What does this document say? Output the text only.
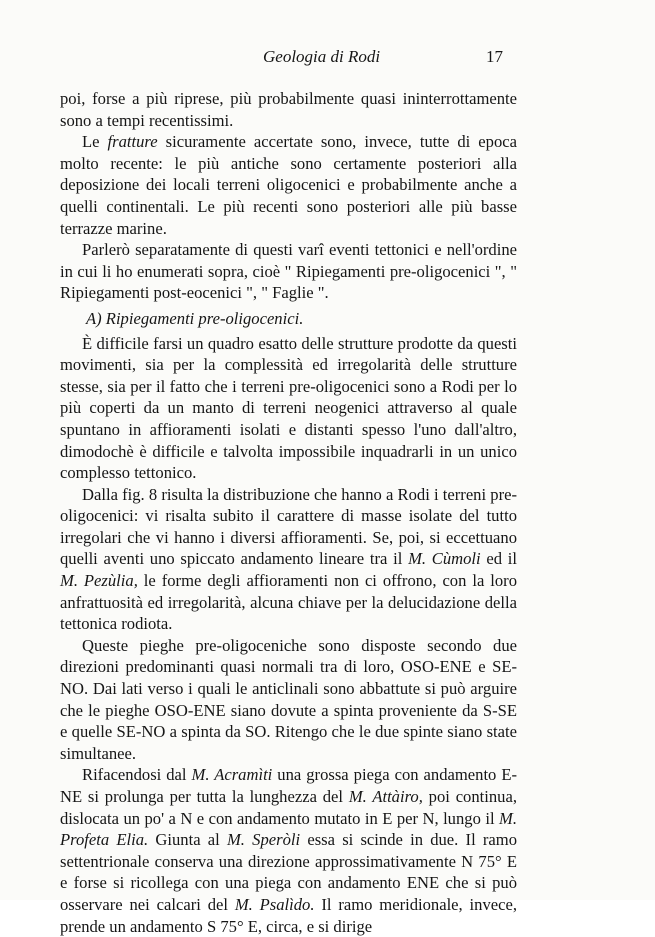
Geologia di Rodi	17

poi, forse a più riprese, più probabilmente quasi ininterrottamente sono a tempi recentissimi.

Le fratture sicuramente accertate sono, invece, tutte di epoca molto recente: le più antiche sono certamente posteriori alla deposizione dei locali terreni oligocenici e probabilmente anche a quelli continentali. Le più recenti sono posteriori alle più basse terrazze marine.

Parlerò separatamente di questi varî eventi tettonici e nell'ordine in cui li ho enumerati sopra, cioè " Ripiegamenti pre-oligocenici ", " Ripiegamenti post-eocenici ", " Faglie ".

A) Ripiegamenti pre-oligocenici.

È difficile farsi un quadro esatto delle strutture prodotte da questi movimenti, sia per la complessità ed irregolarità delle strutture stesse, sia per il fatto che i terreni pre-oligocenici sono a Rodi per lo più coperti da un manto di terreni neogenici attraverso al quale spuntano in affioramenti isolati e distanti spesso l'uno dall'altro, dimodochè è difficile e talvolta impossibile inquadrarli in un unico complesso tettonico.

Dalla fig. 8 risulta la distribuzione che hanno a Rodi i terreni pre-oligocenici: vi risalta subito il carattere di masse isolate del tutto irregolari che vi hanno i diversi affioramenti. Se, poi, si eccettuano quelli aventi uno spiccato andamento lineare tra il M. Cùmoli ed il M. Pezùlia, le forme degli affioramenti non ci offrono, con la loro anfrattuosità ed irregolarità, alcuna chiave per la delucidazione della tettonica rodiota.

Queste pieghe pre-oligoceniche sono disposte secondo due direzioni predominanti quasi normali tra di loro, OSO-ENE e SE-NO. Dai lati verso i quali le anticlinali sono abbattute si può arguire che le pieghe OSO-ENE siano dovute a spinta proveniente da S-SE e quelle SE-NO a spinta da SO. Ritengo che le due spinte siano state simultanee.

Rifacendosi dal M. Acramìti una grossa piega con andamento E-NE si prolunga per tutta la lunghezza del M. Attàiro, poi continua, dislocata un po' a N e con andamento mutato in E per N, lungo il M. Profeta Elia. Giunta al M. Speròli essa si scinde in due. Il ramo settentrionale conserva una direzione approssimativamente N 75° E e forse si ricollega con una piega con andamento ENE che si può osservare nei calcari del M. Psalìdo. Il ramo meridionale, invece, prende un andamento S 75° E, circa, e si dirige
